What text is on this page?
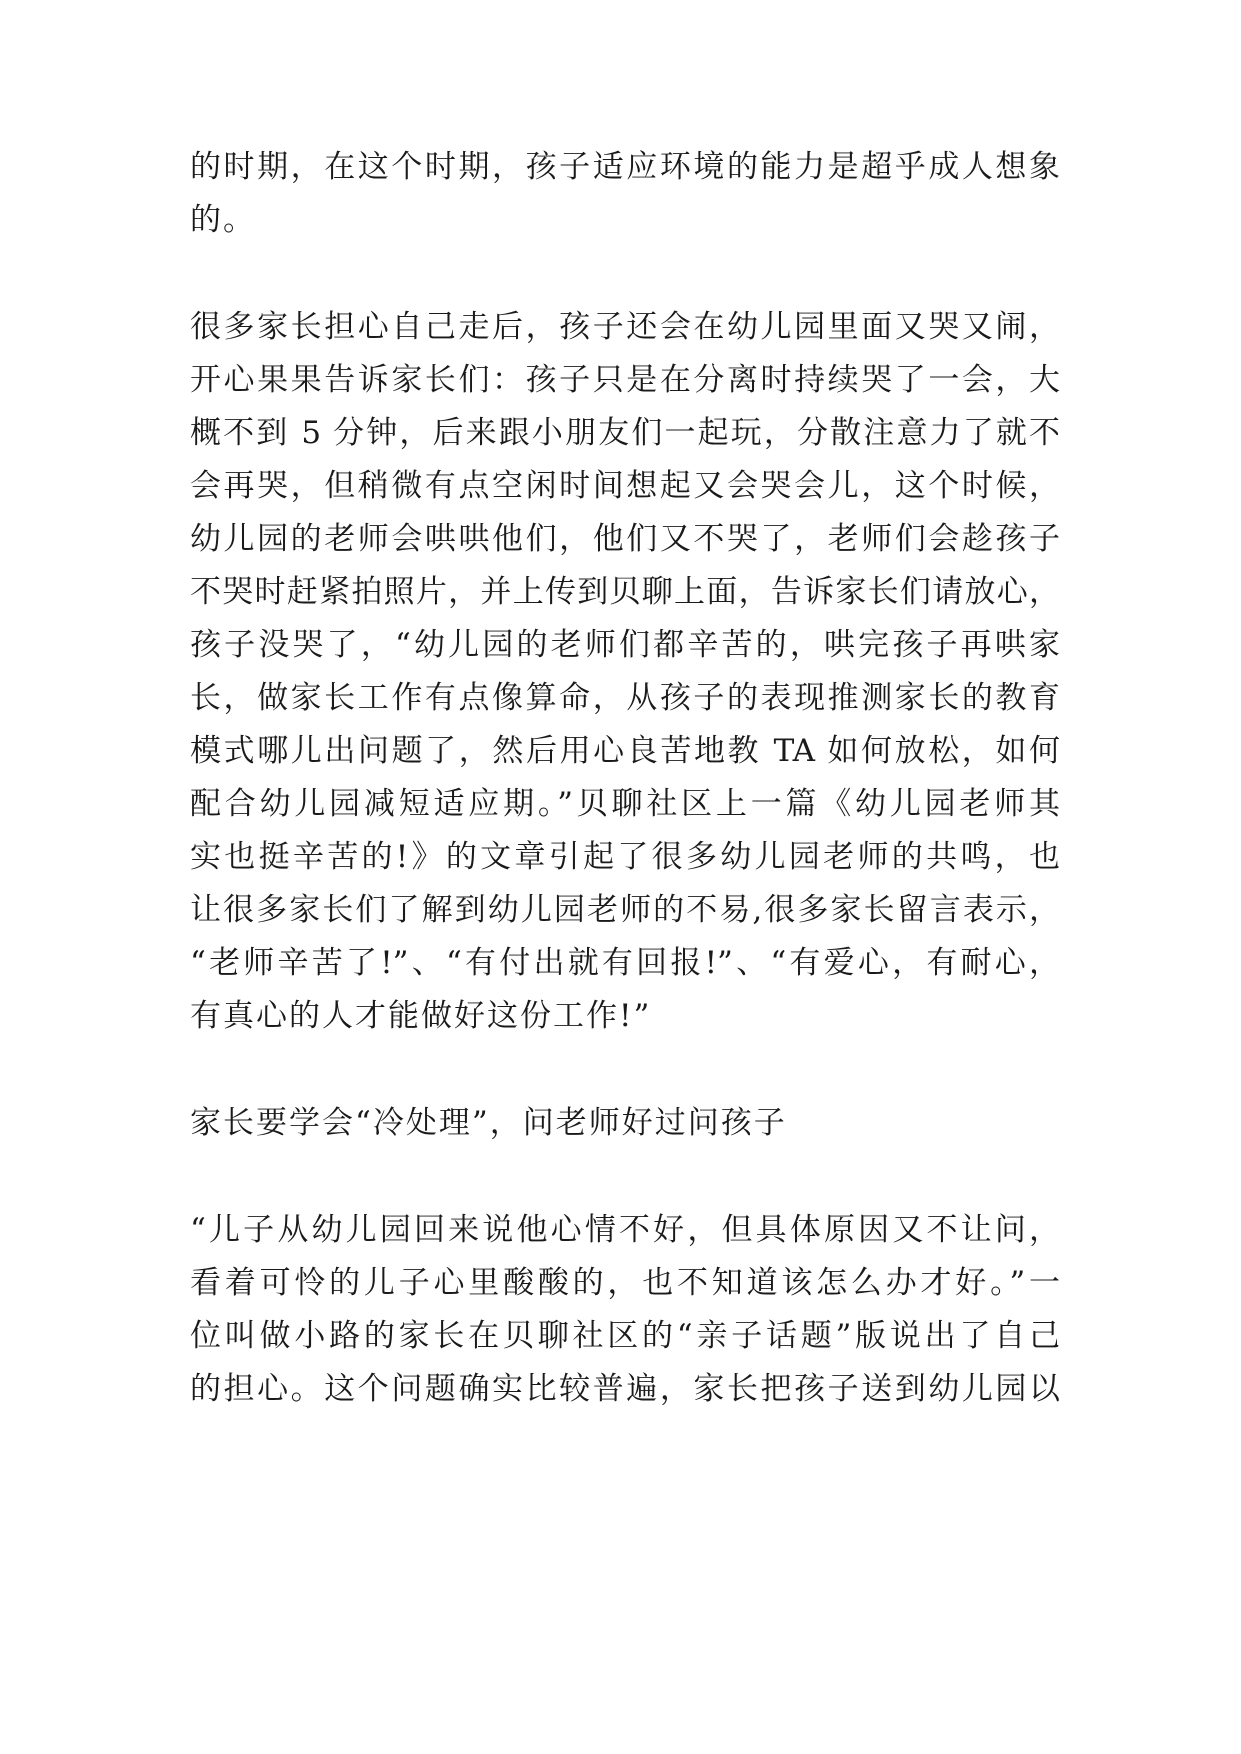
的时期，在这个时期，孩子适应环境的能力是超乎成人想象
的。
很多家长担心自己走后，孩子还会在幼儿园里面又哭又闹，
开心果果告诉家长们：孩子只是在分离时持续哭了一会，大
概不到 5 分钟，后来跟小朋友们一起玩，分散注意力了就不
会再哭，但稍微有点空闲时间想起又会哭会儿，这个时候，
幼儿园的老师会哄哄他们，他们又不哭了，老师们会趁孩子
不哭时赶紧拍照片，并上传到贝聊上面，告诉家长们请放心，
孩子没哭了，“幼儿园的老师们都辛苦的，哄完孩子再哄家
长，做家长工作有点像算命，从孩子的表现推测家长的教育
模式哪儿出问题了，然后用心良苦地教 TA 如何放松，如何
配合幼儿园减短适应期。”贝聊社区上一篇《幼儿园老师其
实也挺辛苦的!》的文章引起了很多幼儿园老师的共鸣，也
让很多家长们了解到幼儿园老师的不易,很多家长留言表示，
“老师辛苦了!”、“有付出就有回报!”、“有爱心，有耐心，
有真心的人才能做好这份工作!”
家长要学会“冷处理”，问老师好过问孩子
“儿子从幼儿园回来说他心情不好，但具体原因又不让问，
看着可怜的儿子心里酸酸的，也不知道该怎么办才好。”一
位叫做小路的家长在贝聊社区的“亲子话题”版说出了自己
的担心。这个问题确实比较普遍，家长把孩子送到幼儿园以
